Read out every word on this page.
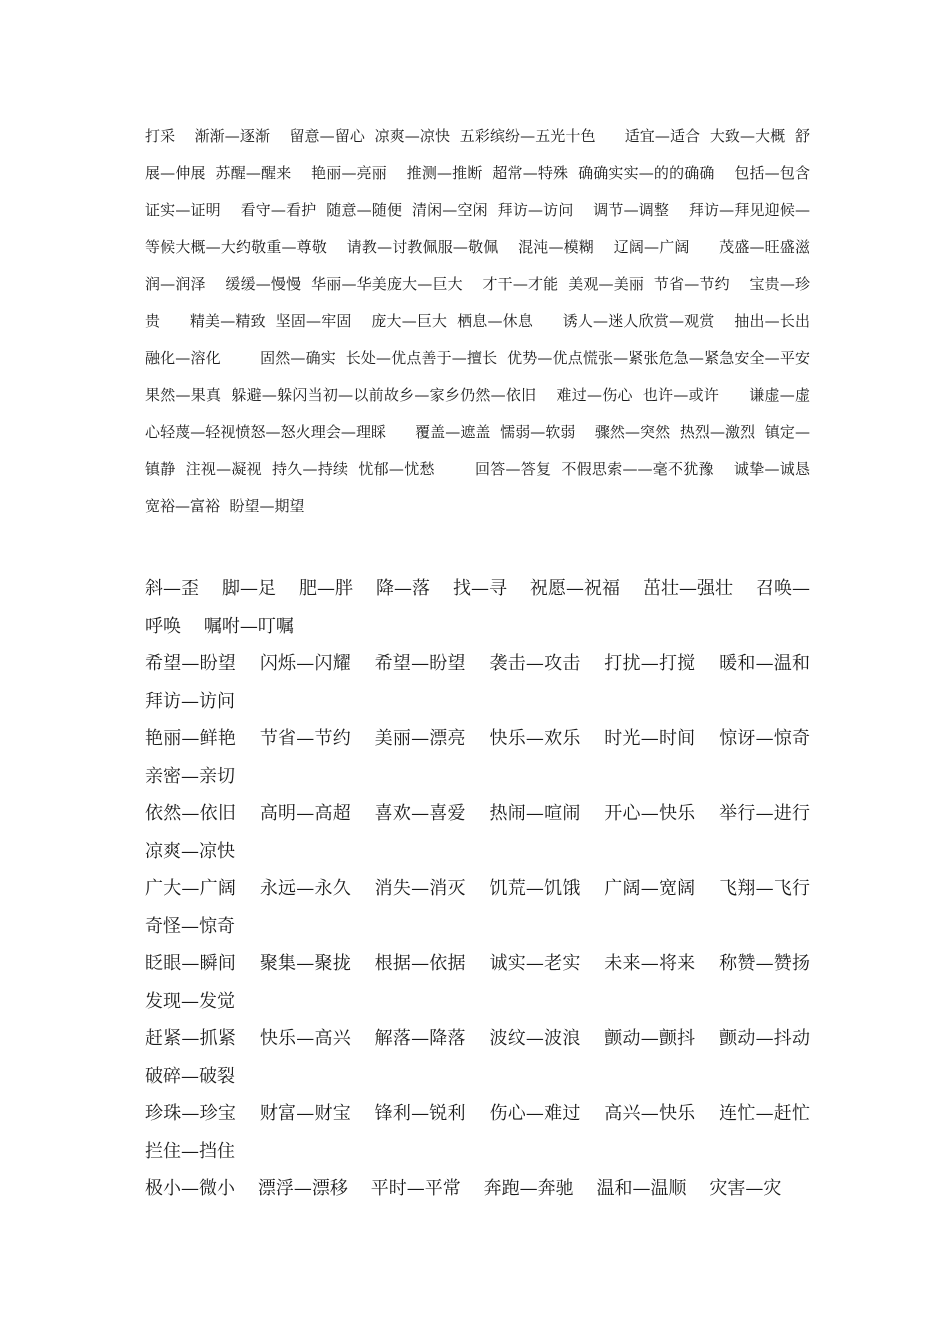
打采    渐渐—逐渐    留意—留心  凉爽—凉快  五彩缤纷—五光十色      适宜—适合  大致—大概  舒展—伸展  苏醒—醒来    艳丽—亮丽    推测—推断  超常—特殊  确确实实—的的确确    包括—包含    证实—证明    看守—看护  随意—随便  清闲—空闲  拜访—访问    调节—调整    拜访—拜见迎候—等候大概—大约敬重—尊敬    请教—讨教佩服—敬佩    混沌—模糊    辽阔—广阔      茂盛—旺盛滋润—润泽    缓缓—慢慢  华丽—华美庞大—巨大    才干—才能  美观—美丽  节省—节约    宝贵—珍贵      精美—精致  坚固—牢固    庞大—巨大  栖息—休息      诱人—迷人欣赏—观赏    抽出—长出      融化—溶化        固然—确实  长处—优点善于—擅长  优势—优点慌张—紧张危急—紧急安全—平安    果然—果真  躲避—躲闪当初—以前故乡—家乡仍然—依旧    难过—伤心  也许—或许      谦虚—虚心轻蔑—轻视愤怒—怒火理会—理睬      覆盖—遮盖  懦弱—软弱    骤然—突然  热烈—激烈  镇定—镇静  注视—凝视  持久—持续  忧郁—忧愁        回答—答复  不假思索——毫不犹豫    诚挚—诚恳  宽裕—富裕  盼望—期望
斜—歪    脚—足    肥—胖    降—落    找—寻    祝愿—祝福    茁壮—强壮    召唤—呼唤    嘱咐—叮嘱
希望—盼望    闪烁—闪耀    希望—盼望    袭击—攻击    打扰—打搅    暖和—温和    拜访—访问
艳丽—鲜艳    节省—节约    美丽—漂亮    快乐—欢乐    时光—时间    惊讶—惊奇    亲密—亲切
依然—依旧    高明—高超    喜欢—喜爱    热闹—喧闹    开心—快乐    举行—进行    凉爽—凉快
广大—广阔    永远—永久    消失—消灭    饥荒—饥饿    广阔—宽阔    飞翔—飞行    奇怪—惊奇
眨眼—瞬间    聚集—聚拢    根据—依据    诚实—老实    未来—将来    称赞—赞扬    发现—发觉
赶紧—抓紧    快乐—高兴    解落—降落    波纹—波浪    颤动—颤抖    颤动—抖动    破碎—破裂
珍珠—珍宝    财富—财宝    锋利—锐利    伤心—难过    高兴—快乐    连忙—赶忙    拦住—挡住
极小—微小    漂浮—漂移    平时—平常    奔跑—奔驰    温和—温顺    灾害—灾
